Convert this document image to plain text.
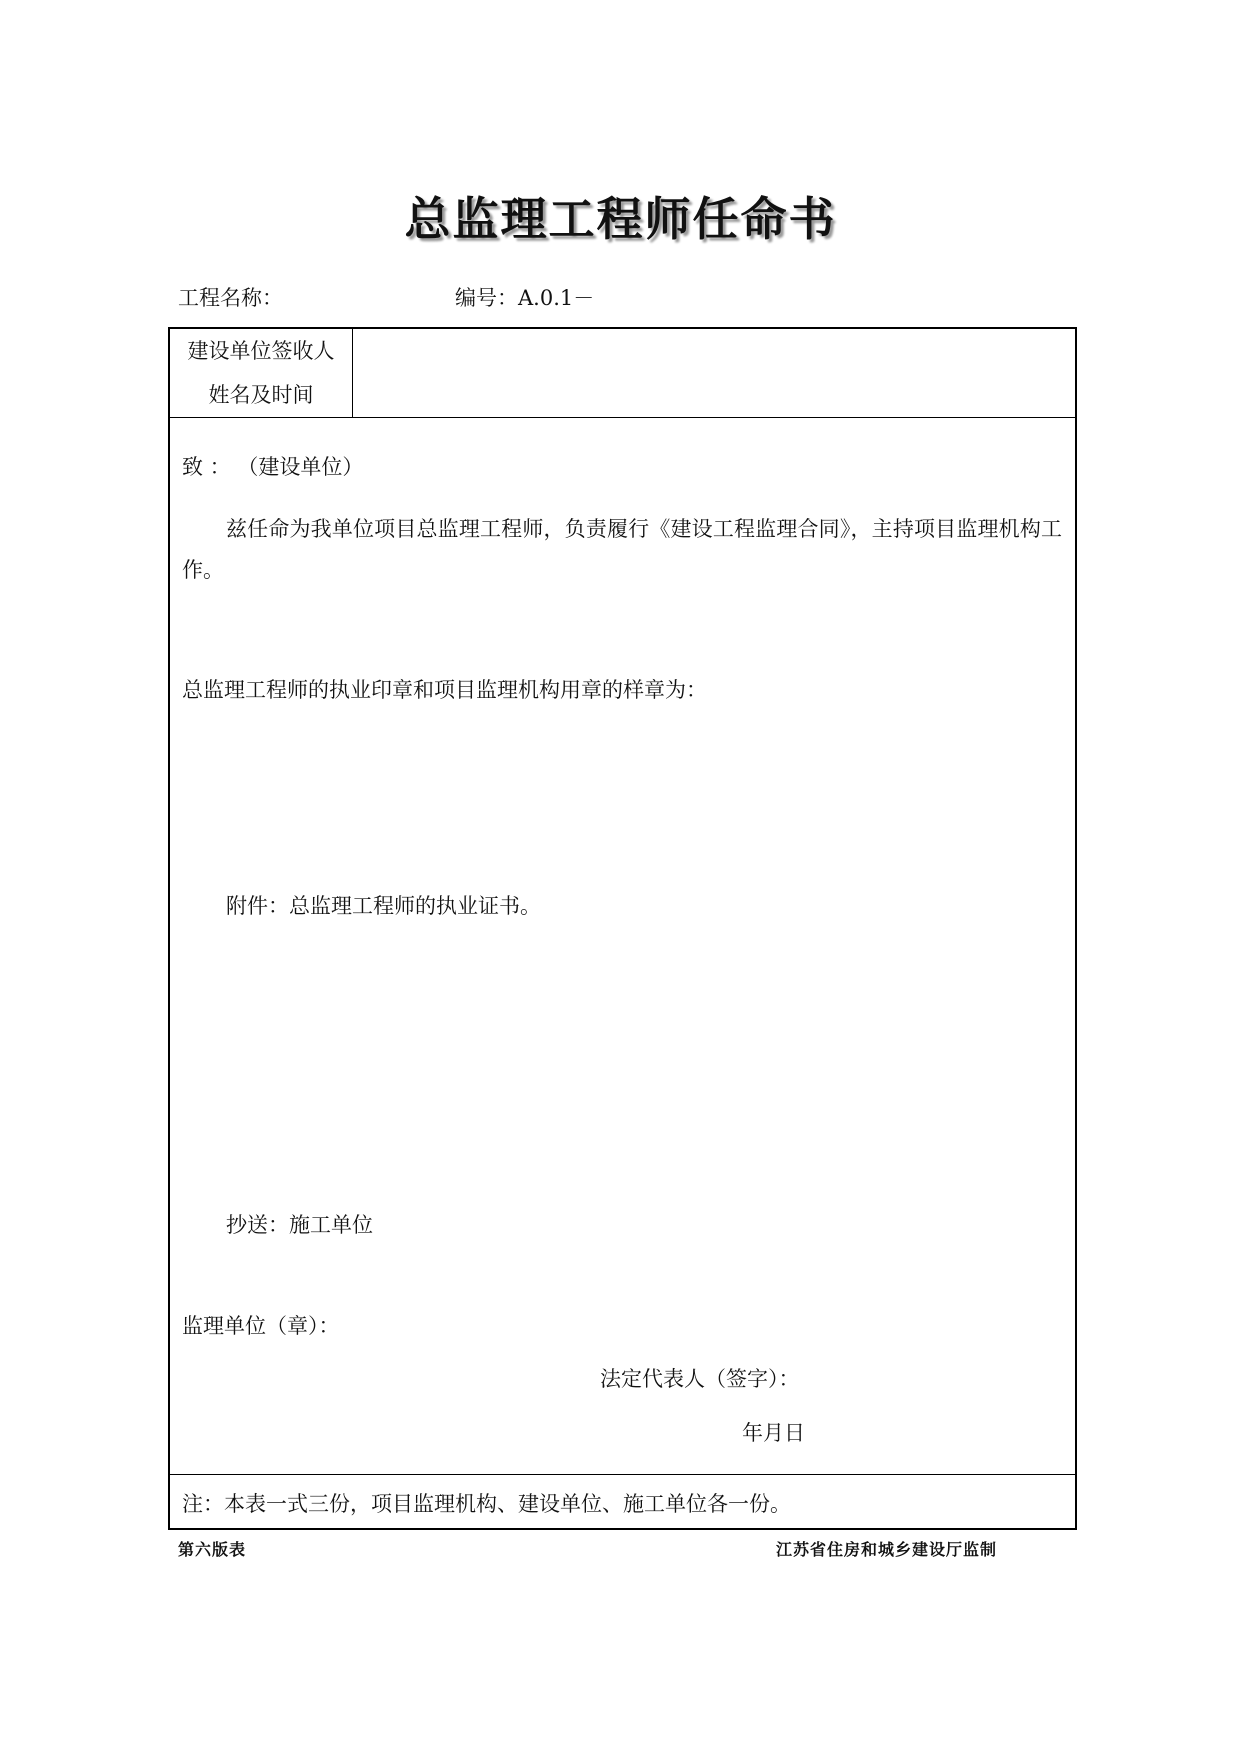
总监理工程师任命书
工程名称：	编号：A.0.1－
建设单位签收人
姓名及时间
致 ： （建设单位）
兹任命为我单位项目总监理工程师，负责履行《建设工程监理合同》，主持项目监理机构工作。
总监理工程师的执业印章和项目监理机构用章的样章为：
附件：总监理工程师的执业证书。
抄送：施工单位
监理单位（章）：
法定代表人（签字）：
年月日
注：本表一式三份，项目监理机构、建设单位、施工单位各一份。
第六版表	江苏省住房和城乡建设厅监制
